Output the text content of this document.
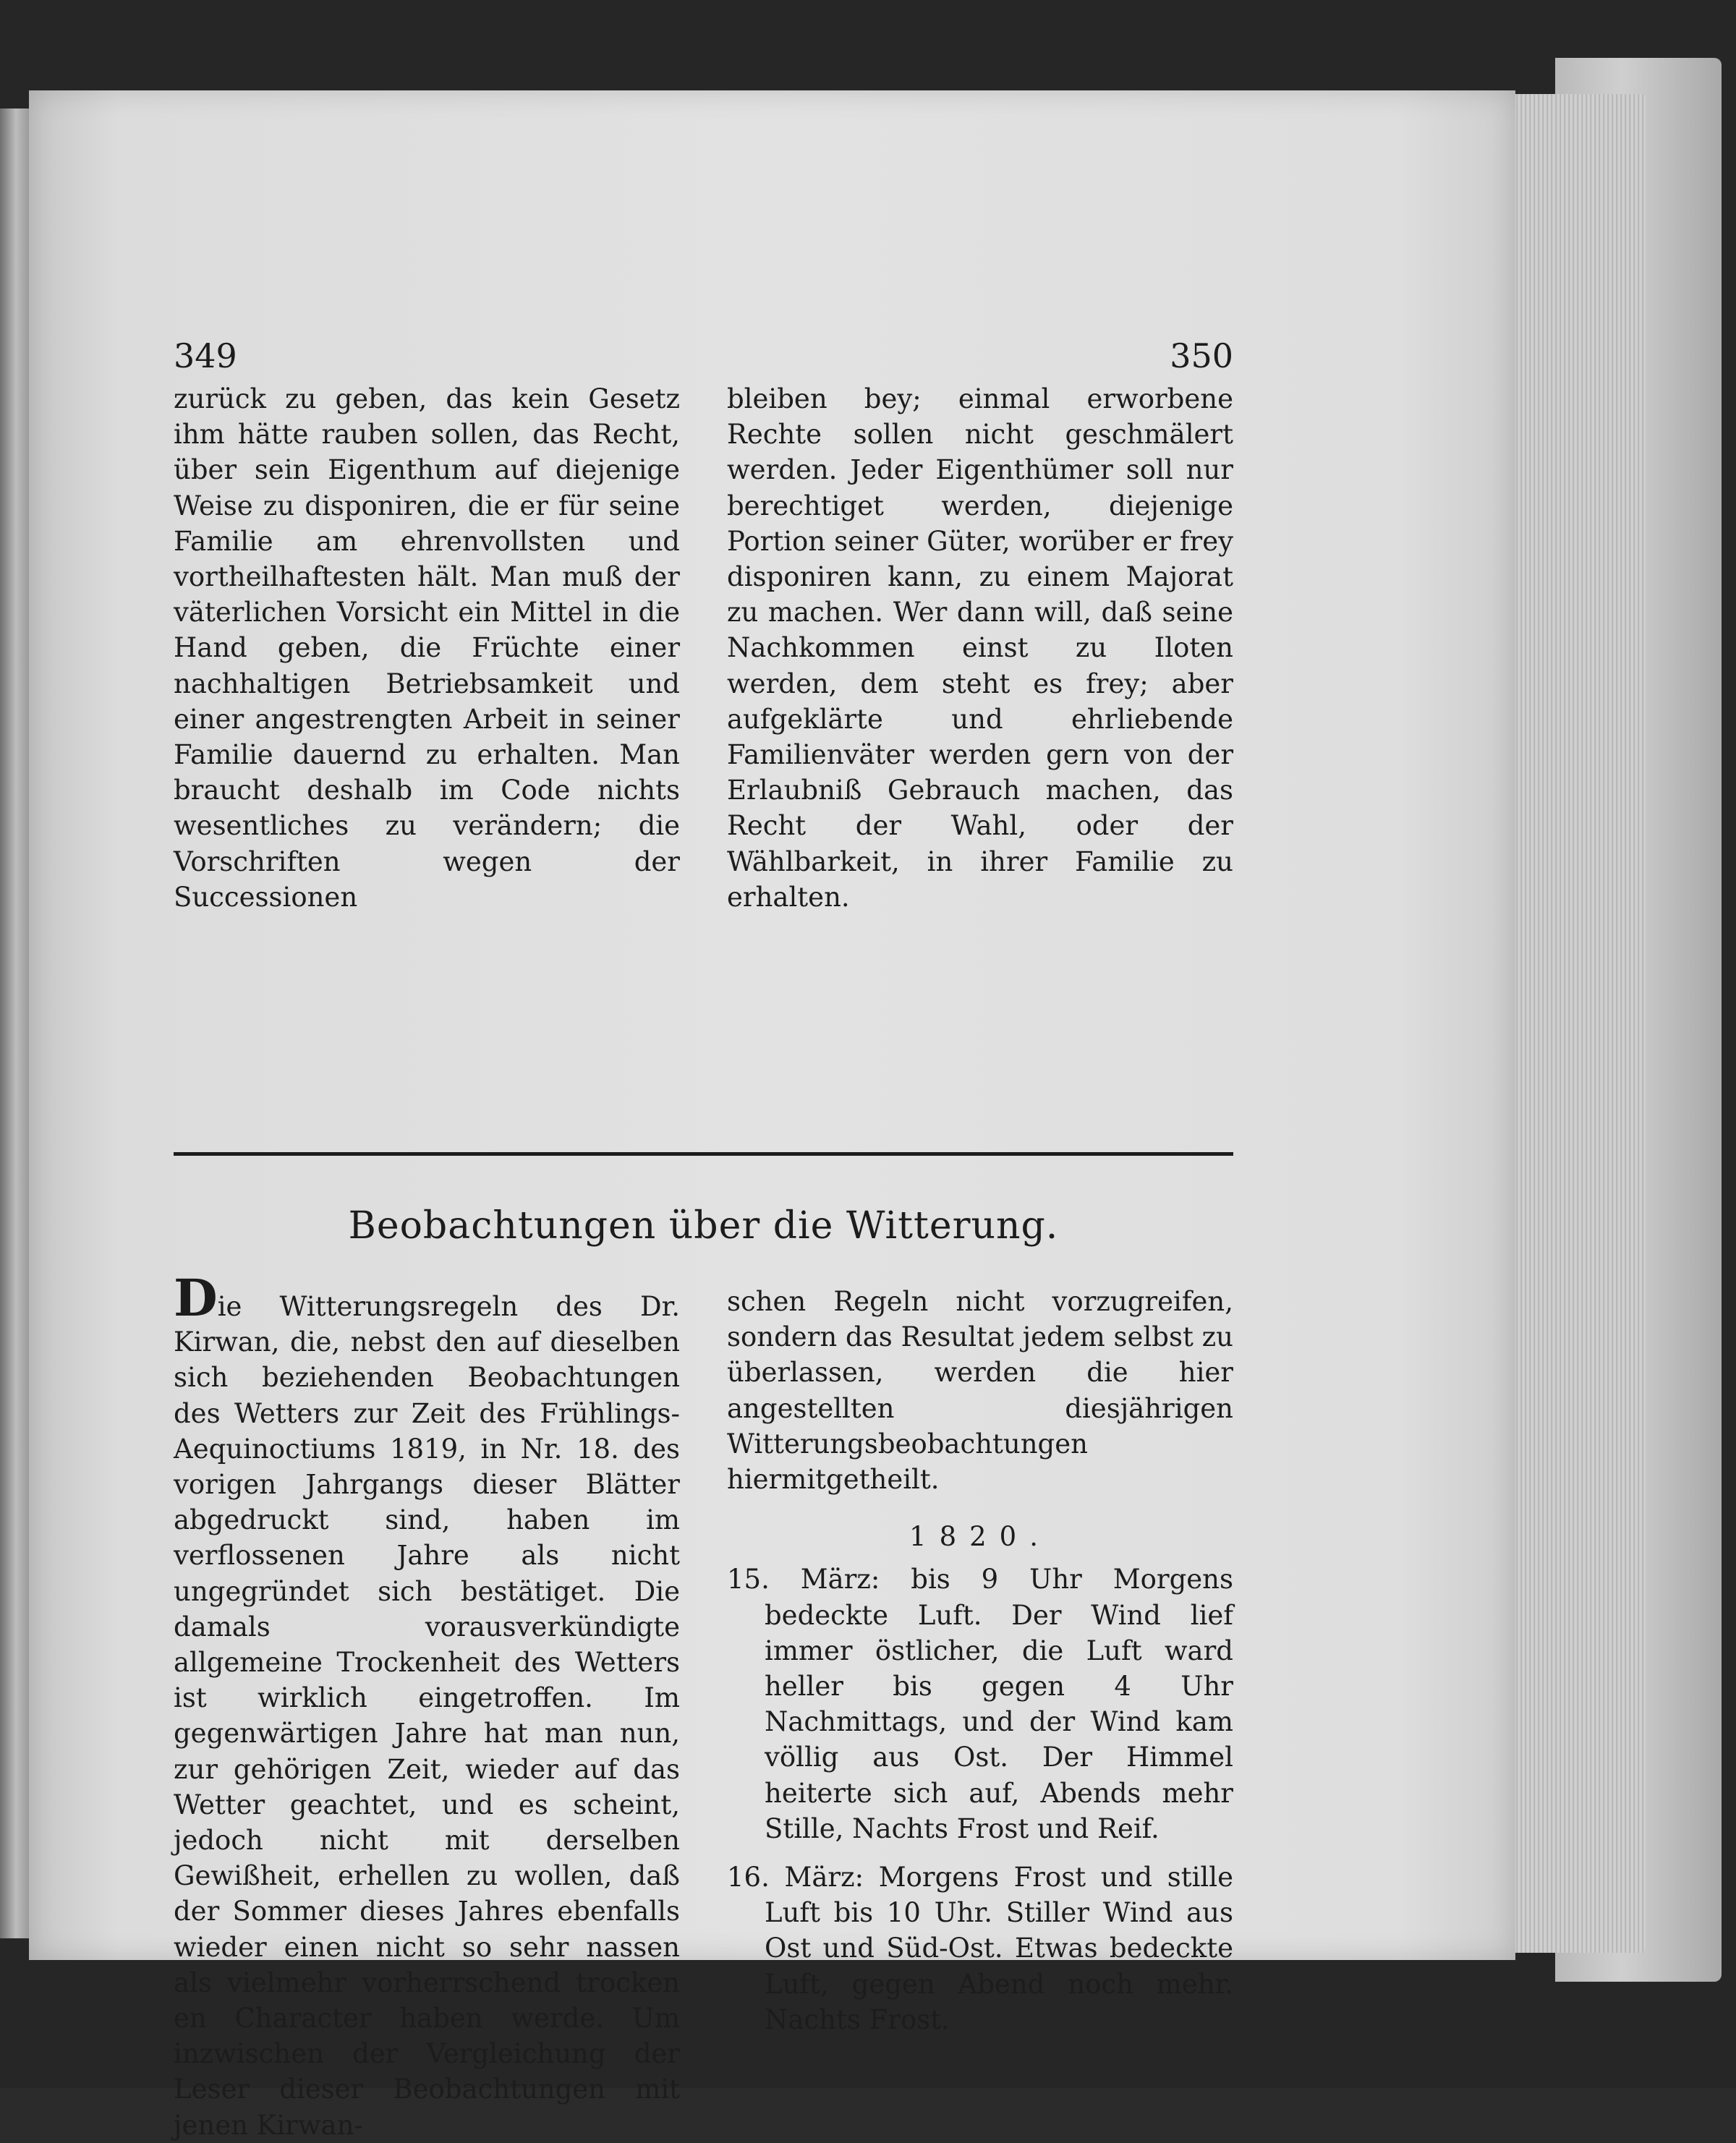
349	350

zurück zu geben, das kein Gesetz ihm hätte rauben sollen, das Recht, über sein Eigenthum auf diejenige Weise zu disponiren, die er für seine Familie am ehrenvollsten und vortheilhaftesten hält. Man muß der väterlichen Vorsicht ein Mittel in die Hand geben, die Früchte einer nachhaltigen Betriebsamkeit und einer angestrengten Arbeit in seiner Familie dauernd zu erhalten. Man braucht deshalb im Code nichts wesentliches zu verändern; die Vorschriften wegen der Successionen

bleiben bey; einmal erworbene Rechte sollen nicht geschmälert werden. Jeder Eigenthümer soll nur berechtiget werden, diejenige Portion seiner Güter, worüber er frey disponiren kann, zu einem Majorat zu machen. Wer dann will, daß seine Nachkommen einst zu Iloten werden, dem steht es frey; aber aufgeklärte und ehrliebende Familienväter werden gern von der Erlaubniß Gebrauch machen, das Recht der Wahl, oder der Wählbarkeit, in ihrer Familie zu erhalten.

Beobachtungen über die Witterung.

Die Witterungsregeln des Dr. Kirwan, die, nebst den auf dieselben sich beziehenden Beobachtungen des Wetters zur Zeit des Frühlings-Aequinoctiums 1819, in Nr. 18. des vorigen Jahrgangs dieser Blätter abgedruckt sind, haben im verflossenen Jahre als nicht ungegründet sich bestätiget. Die damals vorausverkündigte allgemeine Trockenheit des Wetters ist wirklich eingetroffen. Im gegenwärtigen Jahre hat man nun, zur gehörigen Zeit, wieder auf das Wetter geachtet, und es scheint, jedoch nicht mit derselben Gewißheit, erhellen zu wollen, daß der Sommer dieses Jahres ebenfalls wieder einen nicht so sehr nassen als vielmehr vorherrschend trocken en Character haben werde. Um inzwischen der Vergleichung der Leser dieser Beobachtungen mit jenen Kirwan-

schen Regeln nicht vorzugreifen, sondern das Resultat jedem selbst zu überlassen, werden die hier angestellten diesjährigen Witterungsbeobachtungen hiermitgetheilt.

1820.

15. März: bis 9 Uhr Morgens bedeckte Luft. Der Wind lief immer östlicher, die Luft ward heller bis gegen 4 Uhr Nachmittags, und der Wind kam völlig aus Ost. Der Himmel heiterte sich auf, Abends mehr Stille, Nachts Frost und Reif.

16. März: Morgens Frost und stille Luft bis 10 Uhr. Stiller Wind aus Ost und Süd-Ost. Etwas bedeckte Luft, gegen Abend noch mehr. Nachts Frost.
